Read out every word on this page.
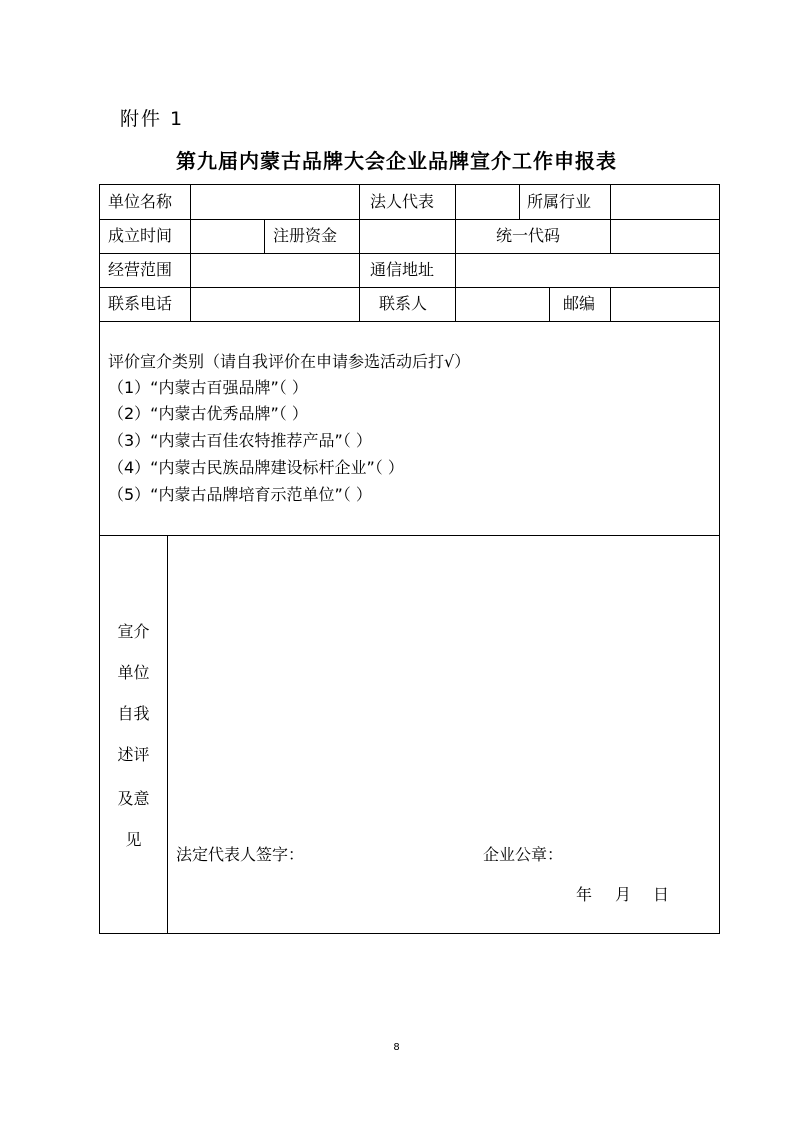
附件 1
第九届内蒙古品牌大会企业品牌宣介工作申报表
单位名称	法人代表	所属行业
成立时间	注册资金	统一代码
经营范围	通信地址
联系电话	联系人	邮编
评价宣介类别（请自我评价在申请参选活动后打√）
（1）“内蒙古百强品牌”（ ）
（2）“内蒙古优秀品牌”（ ）
（3）“内蒙古百佳农特推荐产品”（ ）
（4）“内蒙古民族品牌建设标杆企业”（ ）
（5）“内蒙古品牌培育示范单位”（ ）
宣介
单位
自我
述评
及意
见
法定代表人签字：	企业公章：
年 月 日
8
